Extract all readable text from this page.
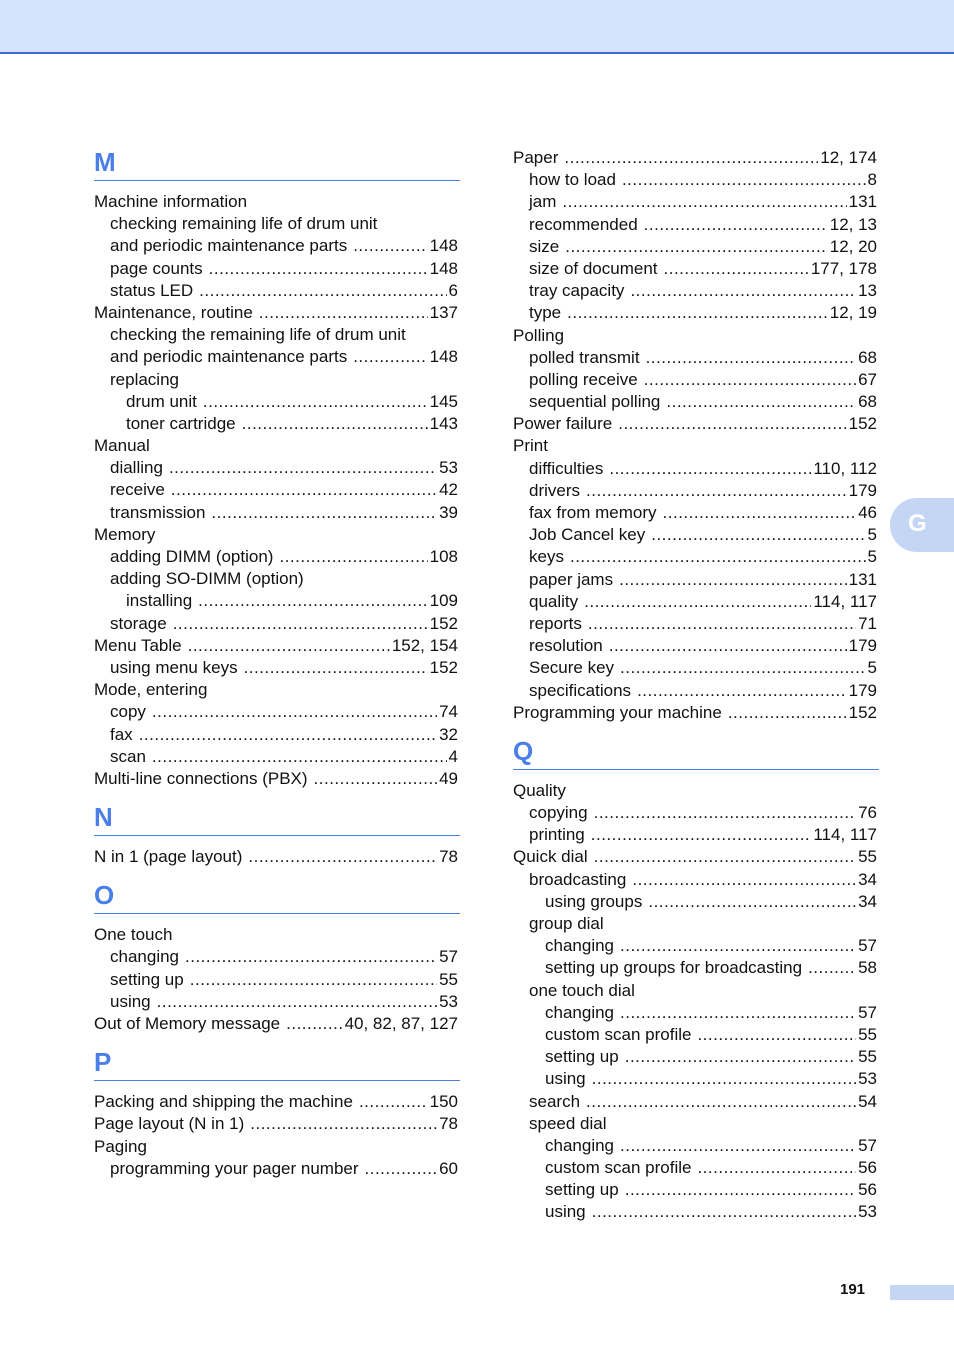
M
Machine information
checking remaining life of drum unit
and periodic maintenance parts .....	148
page counts .....	148
status LED .....	6
Maintenance, routine .....	137
checking the remaining life of drum unit
and periodic maintenance parts .....	148
replacing
drum unit .....	145
toner cartridge .....	143
Manual
dialling .....	53
receive .....	42
transmission .....	39
Memory
adding DIMM (option) .....	108
adding SO-DIMM (option)
installing .....	109
storage .....	152
Menu Table .....	152, 154
using menu keys .....	152
Mode, entering
copy .....	74
fax .....	32
scan .....	4
Multi-line connections (PBX) .....	49
N
N in 1 (page layout) .....	78
O
One touch
changing .....	57
setting up .....	55
using .....	53
Out of Memory message .....	40, 82, 87, 127
P
Packing and shipping the machine .....	150
Page layout (N in 1) .....	78
Paging
programming your pager number .....	60
Paper .....	12, 174
how to load .....	8
jam .....	131
recommended .....	12, 13
size .....	12, 20
size of document .....	177, 178
tray capacity .....	13
type .....	12, 19
Polling
polled transmit .....	68
polling receive .....	67
sequential polling .....	68
Power failure .....	152
Print
difficulties .....	110, 112
drivers .....	179
fax from memory .....	46
Job Cancel key .....	5
keys .....	5
paper jams .....	131
quality .....	114, 117
reports .....	71
resolution .....	179
Secure key .....	5
specifications .....	179
Programming your machine .....	152
Q
Quality
copying .....	76
printing .....	114, 117
Quick dial .....	55
broadcasting .....	34
using groups .....	34
group dial
changing .....	57
setting up groups for broadcasting .....	58
one touch dial
changing .....	57
custom scan profile .....	55
setting up .....	55
using .....	53
search .....	54
speed dial
changing .....	57
custom scan profile .....	56
setting up .....	56
using .....	53
G
191
